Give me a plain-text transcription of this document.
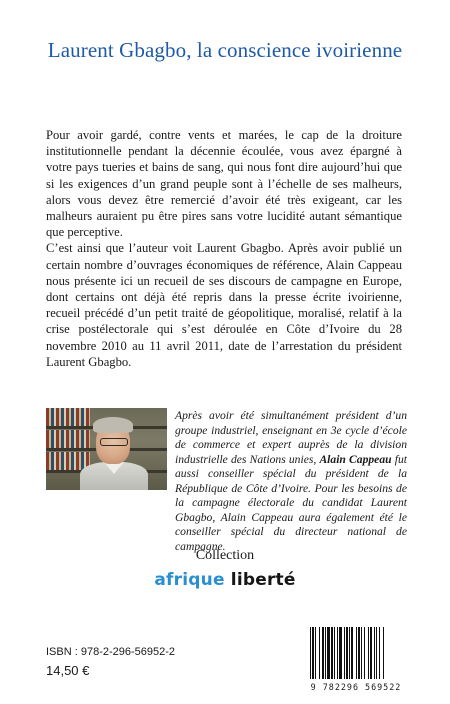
Laurent Gbagbo, la conscience ivoirienne

Pour avoir gardé, contre vents et marées, le cap de la droiture institutionnelle pendant la décennie écoulée, vous avez épargné à votre pays tueries et bains de sang, qui nous font dire aujourd’hui que si les exigences d’un grand peuple sont à l’échelle de ses malheurs, alors vous devez être remercié d’avoir été très exigeant, car les malheurs auraient pu être pires sans votre lucidité autant sémantique que perceptive.

C’est ainsi que l’auteur voit Laurent Gbagbo. Après avoir publié un certain nombre d’ouvrages économiques de référence, Alain Cappeau nous présente ici un recueil de ses discours de campagne en Europe, dont certains ont déjà été repris dans la presse écrite ivoirienne, recueil précédé d’un petit traité de géopolitique, moralisé, relatif à la crise postélectorale qui s’est déroulée en Côte d’Ivoire du 28 novembre 2010 au 11 avril 2011, date de l’arrestation du président Laurent Gbagbo.

Après avoir été simultanément président d’un groupe industriel, enseignant en 3e cycle d’école de commerce et expert auprès de la division industrielle des Nations unies, Alain Cappeau fut aussi conseiller spécial du président de la République de Côte d’Ivoire. Pour les besoins de la campagne électorale du candidat Laurent Gbagbo, Alain Cappeau aura également été le conseiller spécial du directeur national de campagne.
Collection
afrique liberté
ISBN : 978-2-296-56952-2
14,50 €
9 782296 569522
